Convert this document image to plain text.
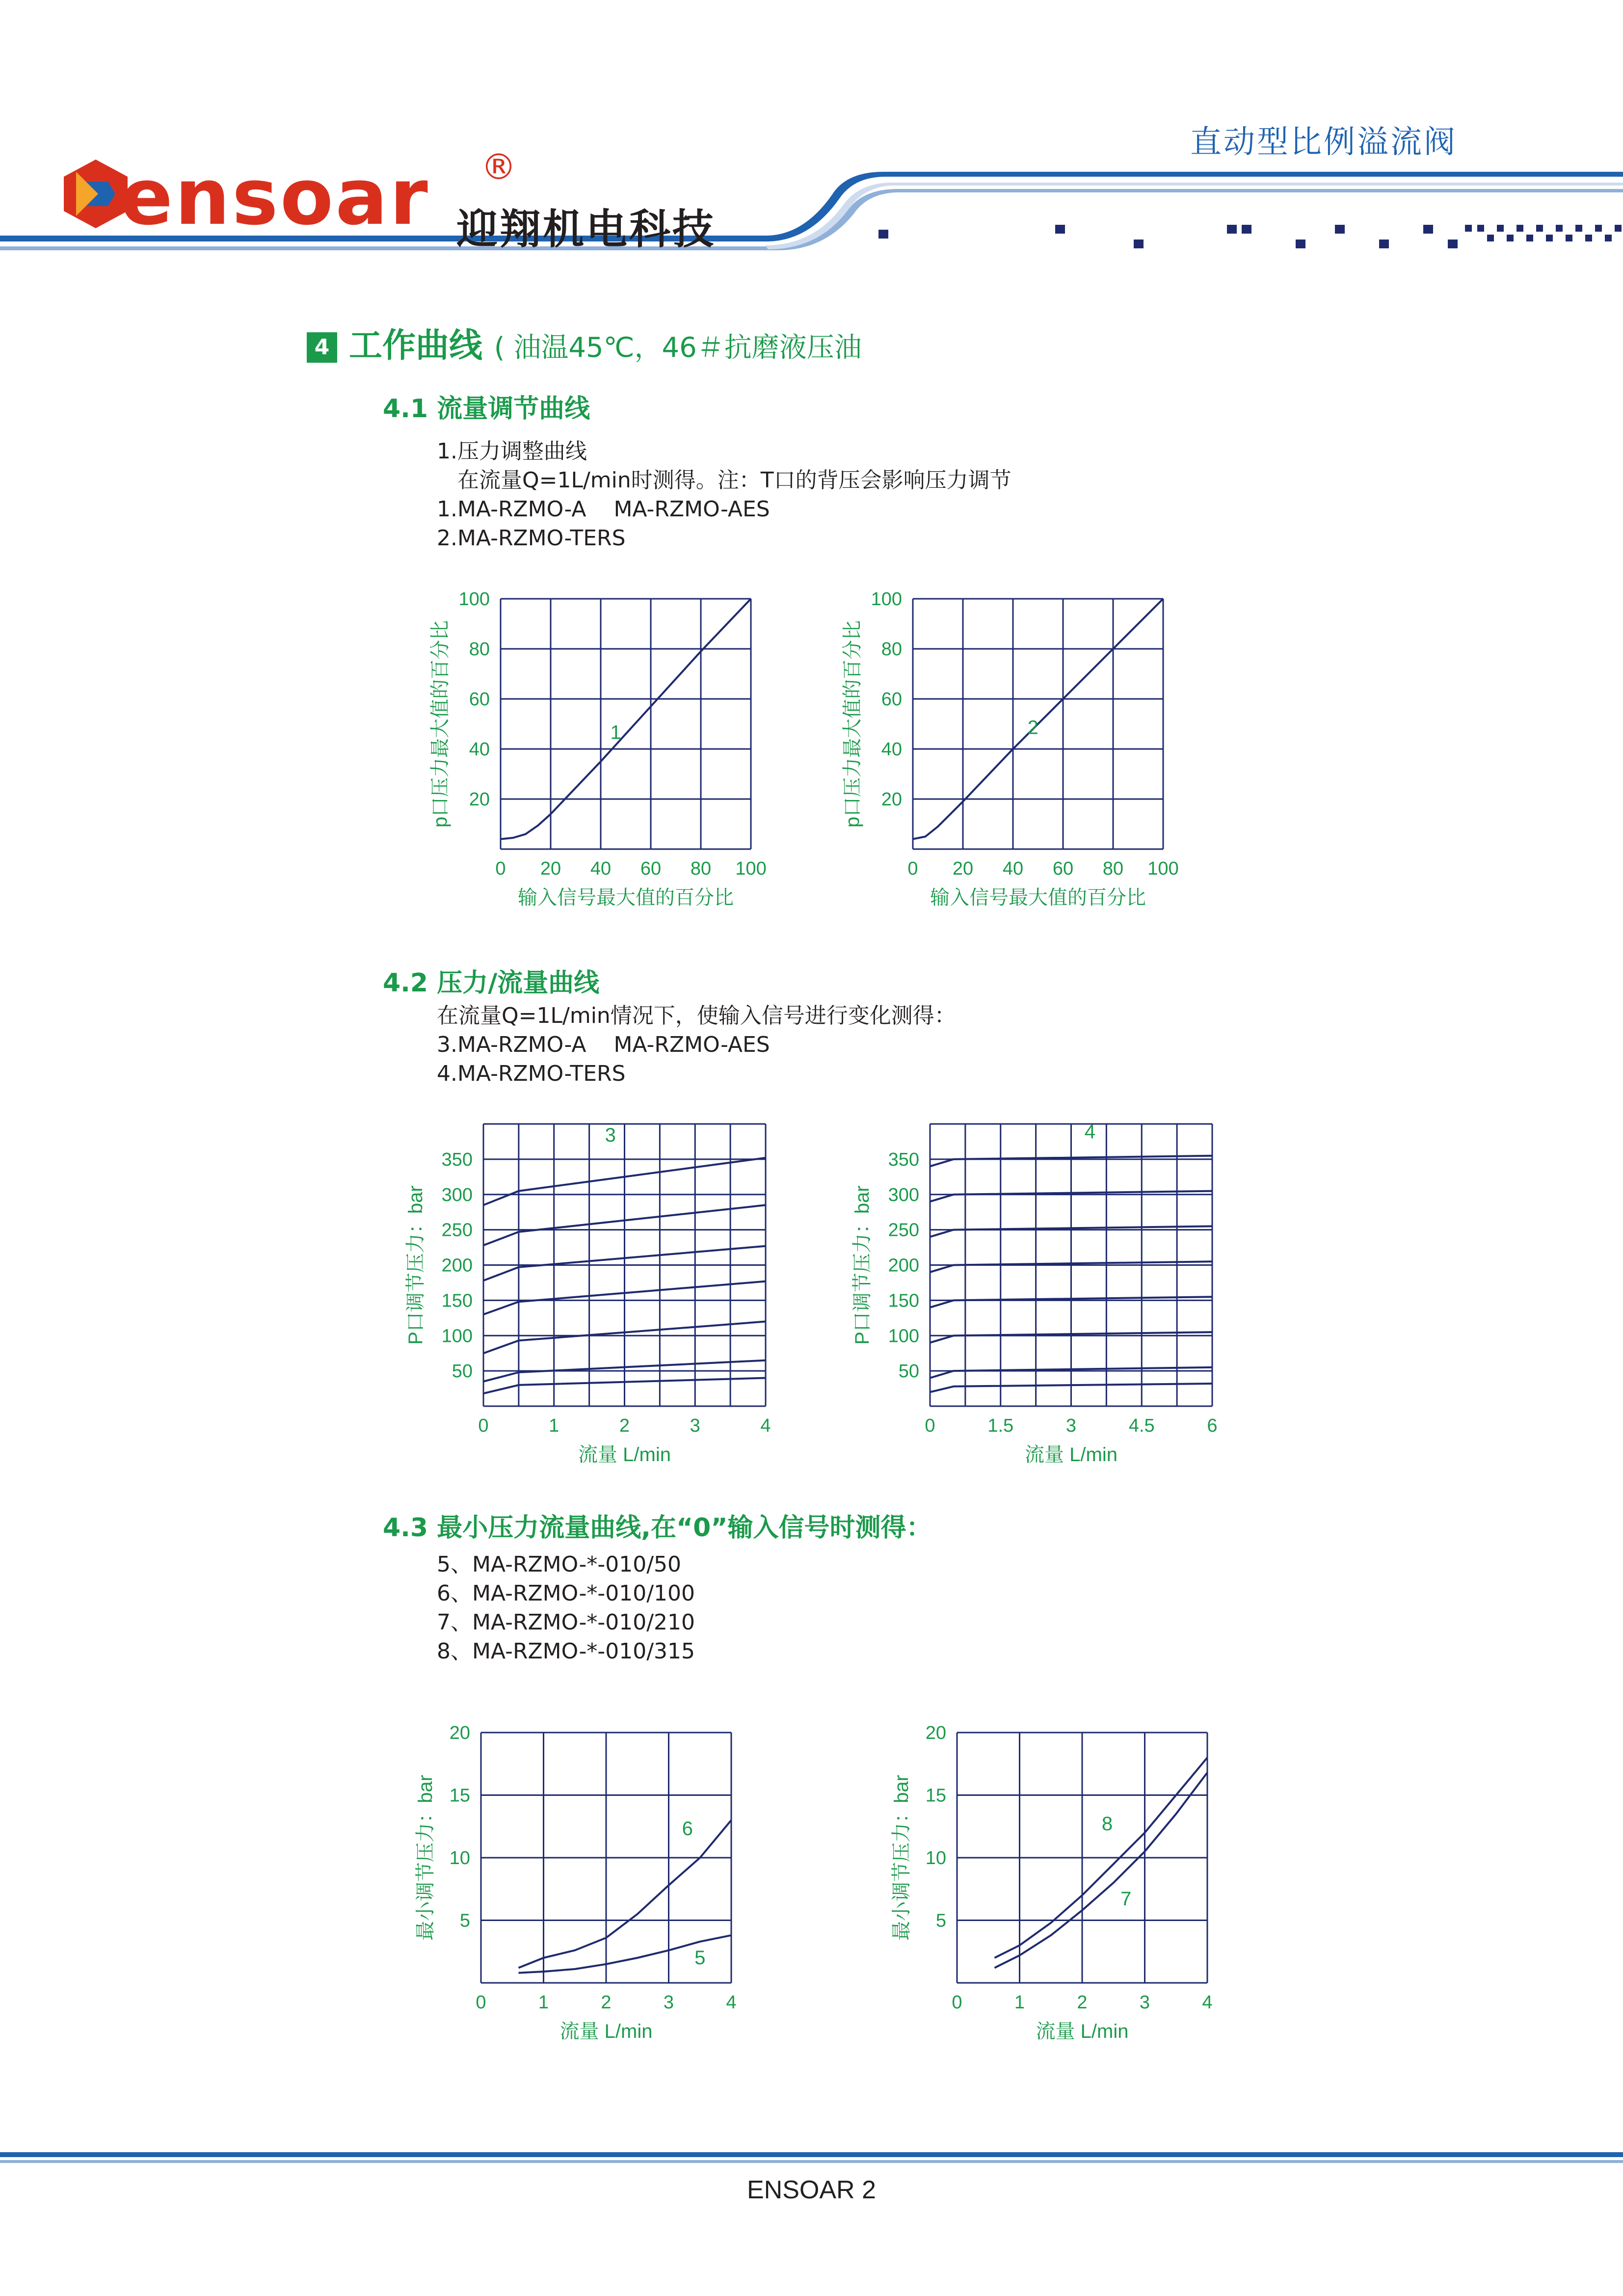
ensoar ®
迎翔机电科技
直动型比例溢流阀
4 工作曲线 ( 油温45℃，46＃抗磨液压油
4.1 流量调节曲线
1.压力调整曲线
在流量Q=1L/min时测得。注：T口的背压会影响压力调节
1.MA-RZMO-A    MA-RZMO-AES
2.MA-RZMO-TERS
0 20 40 60 80 100
20
40
60
80
100
输入信号最大值的百分比
p口压力最大值的百分比	1
0 20 40 60 80 100
20
40
60
80
100
输入信号最大值的百分比
p口压力最大值的百分比	2
4.2 压力/流量曲线
在流量Q=1L/min情况下，使输入信号进行变化测得：
3.MA-RZMO-A    MA-RZMO-AES
4.MA-RZMO-TERS
0	1	2	3	4
50
100
150
200
250
300
350
流量 L/min
P口调节压力：bar
3
0	1.5	3	4.5	6
50
100
150
200
250
300
350
流量 L/min
P口调节压力：bar
4
4.3 最小压力流量曲线,在“0”输入信号时测得：
5、MA-RZMO-*-010/50
6、MA-RZMO-*-010/100
7、MA-RZMO-*-010/210
8、MA-RZMO-*-010/315
0	1	2	3	4
5
10
15
20
流量 L/min
最小调节压力：bar	6
5
0	1	2	3	4
5
10
15
20
流量 L/min
最小调节压力：bar	8
7
ENSOAR 2
